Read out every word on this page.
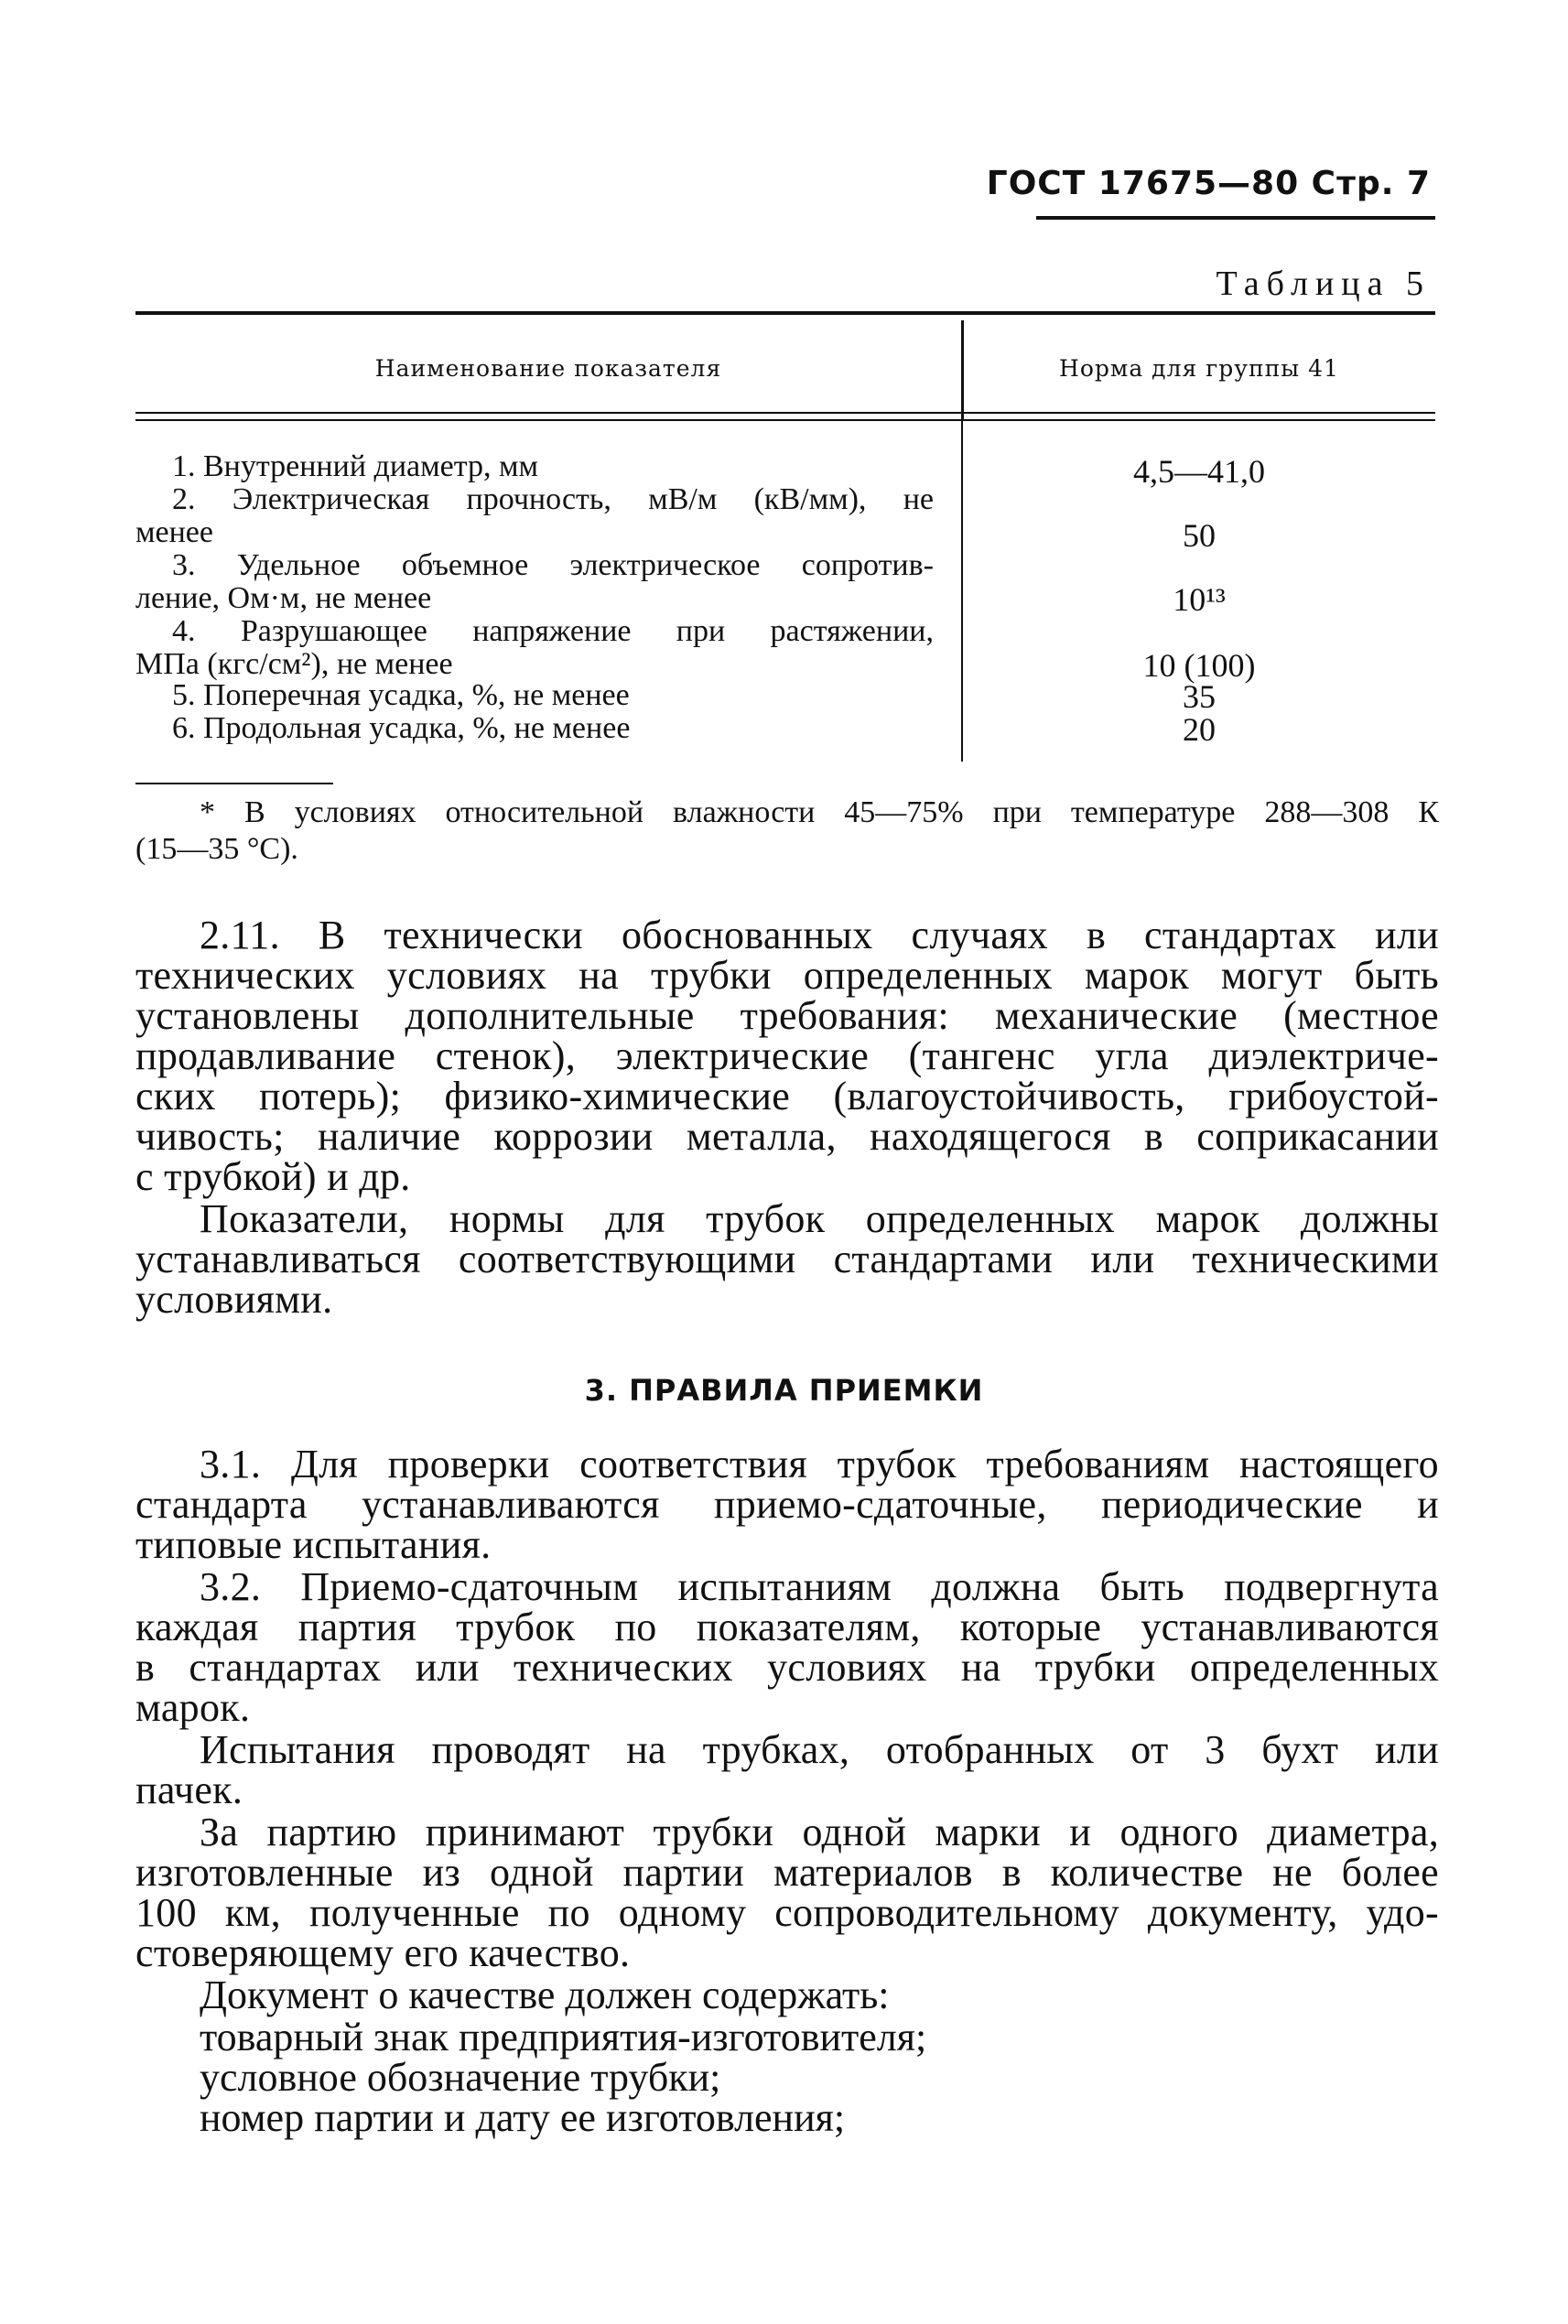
ГОСТ 17675—80 Стр. 7
Таблица 5
Наименование показателя	Норма для группы 41
1. Внутренний диаметр, мм	4,5—41,0
2. Электрическая прочность, мВ/м (кВ/мм), не
менее	50
3. Удельное объемное электрическое сопротив-
ление, Ом·м, не менее	10¹³
4. Разрушающее напряжение при растяжении,
МПа (кгс/см²), не менее	10 (100)
5. Поперечная усадка, %, не менее	35
6. Продольная усадка, %, не менее	20
* В условиях относительной влажности 45—75% при температуре 288—308 К
(15—35 °С).
2.11. В технически обоснованных случаях в стандартах или
технических условиях на трубки определенных марок могут быть
установлены дополнительные требования: механические (местное
продавливание стенок), электрические (тангенс угла диэлектриче-
ских потерь); физико-химические (влагоустойчивость, грибоустой-
чивость; наличие коррозии металла, находящегося в соприкасании
с трубкой) и др.
Показатели, нормы для трубок определенных марок должны
устанавливаться соответствующими стандартами или техническими
условиями.
3. ПРАВИЛА ПРИЕМКИ
3.1. Для проверки соответствия трубок требованиям настоящего
стандарта устанавливаются приемо-сдаточные, периодические и
типовые испытания.
3.2. Приемо-сдаточным испытаниям должна быть подвергнута
каждая партия трубок по показателям, которые устанавливаются
в стандартах или технических условиях на трубки определенных
марок.
Испытания проводят на трубках, отобранных от 3 бухт или
пачек.
За партию принимают трубки одной марки и одного диаметра,
изготовленные из одной партии материалов в количестве не более
100 км, полученные по одному сопроводительному документу, удо-
стоверяющему его качество.
Документ о качестве должен содержать:
товарный знак предприятия-изготовителя;
условное обозначение трубки;
номер партии и дату ее изготовления;
